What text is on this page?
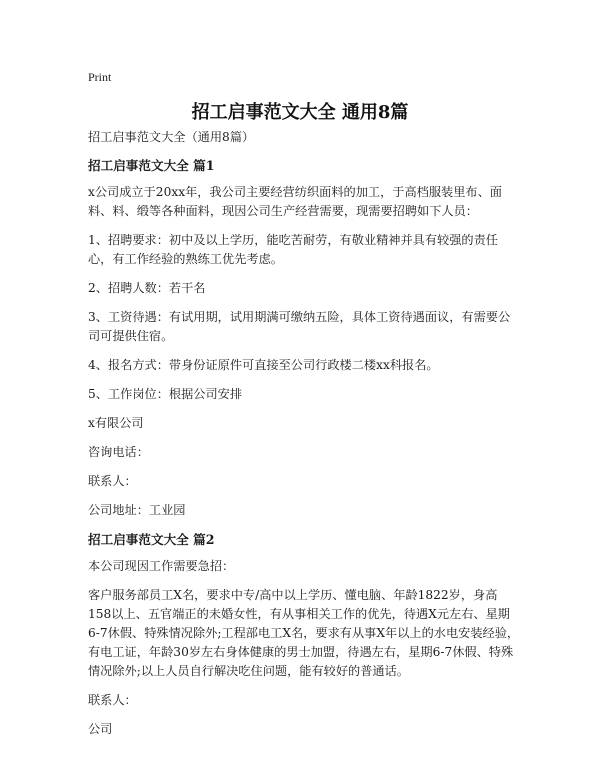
Print
招工启事范文大全 通用8篇

招工启事范文大全（通用8篇）

招工启事范文大全 篇1

x公司成立于20xx年，我公司主要经营纺织面料的加工，于高档服装里布、面料、料、缎等各种面料，现因公司生产经营需要，现需要招聘如下人员：

1、招聘要求：初中及以上学历，能吃苦耐劳，有敬业精神并具有较强的责任心，有工作经验的熟练工优先考虑。

2、招聘人数：若干名

3、工资待遇：有试用期，试用期满可缴纳五险，具体工资待遇面议，有需要公司可提供住宿。

4、报名方式：带身份证原件可直接至公司行政楼二楼xx科报名。

5、工作岗位：根据公司安排

x有限公司

咨询电话：

联系人：

公司地址：工业园

招工启事范文大全 篇2

本公司现因工作需要急招：

客户服务部员工X名，要求中专/高中以上学历、懂电脑、年龄1822岁，身高158以上、五官端正的未婚女性，有从事相关工作的优先，待遇X元左右、星期6-7休假、特殊情况除外;工程部电工X名，要求有从事X年以上的水电安装经验，有电工证，年龄30岁左右身体健康的男士加盟，待遇左右，星期6-7休假、特殊情况除外;以上人员自行解决吃住问题，能有较好的普通话。

联系人：

公司
